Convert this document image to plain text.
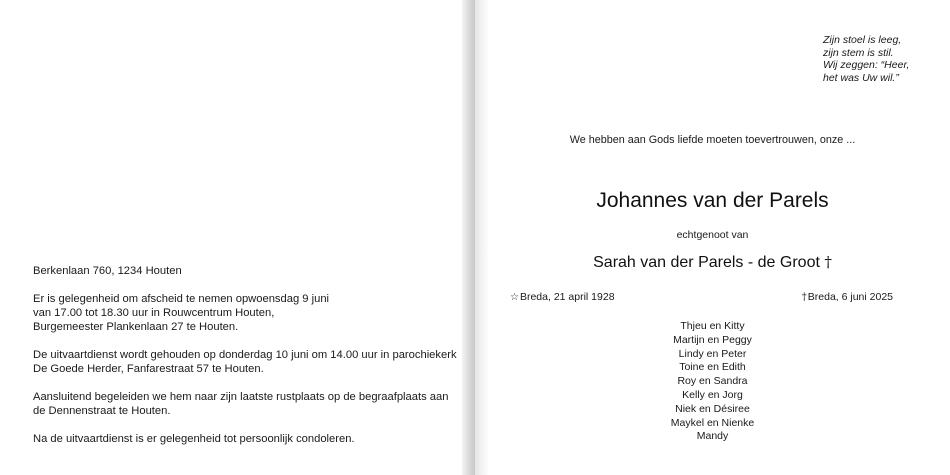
Berkenlaan 760, 1234 Houten
Er is gelegenheid om afscheid te nemen opwoensdag 9 juni
van 17.00 tot 18.30 uur in Rouwcentrum Houten,
Burgemeester Plankenlaan 27 te Houten.
De uitvaartdienst wordt gehouden op donderdag 10 juni om 14.00 uur in parochiekerk
De Goede Herder, Fanfarestraat 57 te Houten.
Aansluitend begeleiden we hem naar zijn laatste rustplaats op de begraafplaats aan
de Dennenstraat te Houten.
Na de uitvaartdienst is er gelegenheid tot persoonlijk condoleren.
Zijn stoel is leeg,
zijn stem is stil.
Wij zeggen: “Heer,
het was Uw wil.”
We hebben aan Gods liefde moeten toevertrouwen, onze ...
Johannes van der Parels
echtgenoot van
Sarah van der Parels - de Groot †
☆Breda, 21 april 1928	†Breda, 6 juni 2025
Thjeu en Kitty
Martijn en Peggy
Lindy en Peter
Toine en Edith
Roy en Sandra
Kelly en Jorg
Niek en Désiree
Maykel en Nienke
Mandy
